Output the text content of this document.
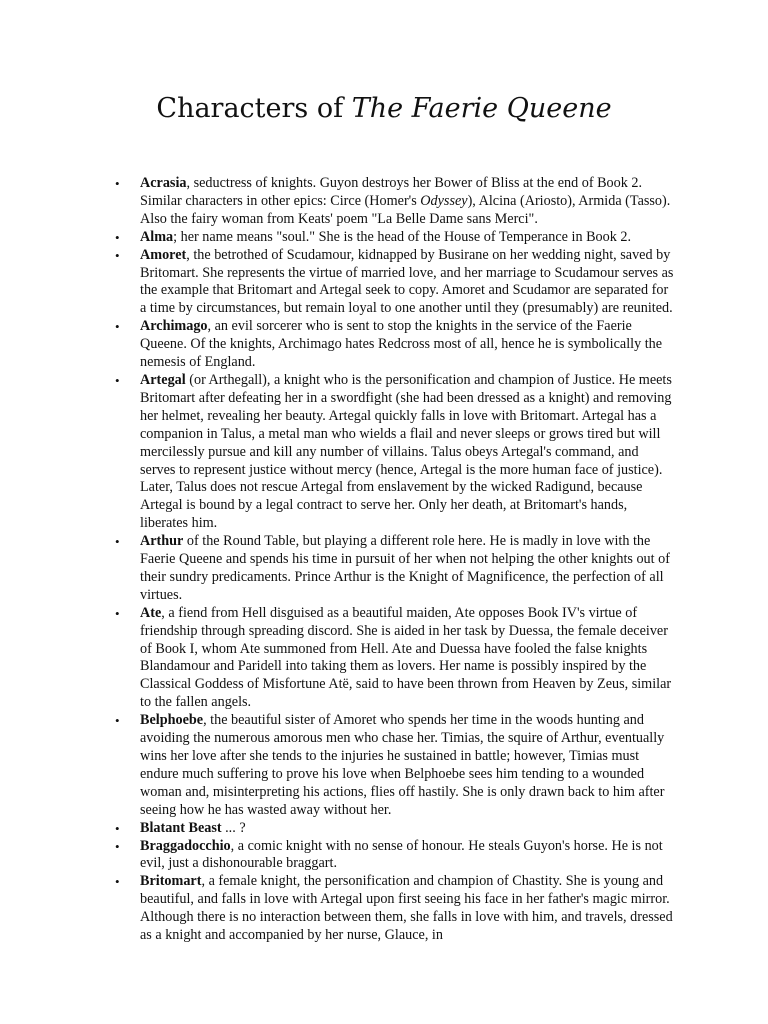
Characters of The Faerie Queene
• Acrasia, seductress of knights. Guyon destroys her Bower of Bliss at the end of Book 2. Similar characters in other epics: Circe (Homer's Odyssey), Alcina (Ariosto), Armida (Tasso). Also the fairy woman from Keats' poem "La Belle Dame sans Merci".
• Alma; her name means "soul." She is the head of the House of Temperance in Book 2.
• Amoret, the betrothed of Scudamour, kidnapped by Busirane on her wedding night, saved by Britomart. She represents the virtue of married love, and her marriage to Scudamour serves as the example that Britomart and Artegal seek to copy. Amoret and Scudamor are separated for a time by circumstances, but remain loyal to one another until they (presumably) are reunited.
• Archimago, an evil sorcerer who is sent to stop the knights in the service of the Faerie Queene. Of the knights, Archimago hates Redcross most of all, hence he is symbolically the nemesis of England.
• Artegal (or Arthegall), a knight who is the personification and champion of Justice. He meets Britomart after defeating her in a swordfight (she had been dressed as a knight) and removing her helmet, revealing her beauty. Artegal quickly falls in love with Britomart. Artegal has a companion in Talus, a metal man who wields a flail and never sleeps or grows tired but will mercilessly pursue and kill any number of villains. Talus obeys Artegal's command, and serves to represent justice without mercy (hence, Artegal is the more human face of justice). Later, Talus does not rescue Artegal from enslavement by the wicked Radigund, because Artegal is bound by a legal contract to serve her. Only her death, at Britomart's hands, liberates him.
• Arthur of the Round Table, but playing a different role here. He is madly in love with the Faerie Queene and spends his time in pursuit of her when not helping the other knights out of their sundry predicaments. Prince Arthur is the Knight of Magnificence, the perfection of all virtues.
• Ate, a fiend from Hell disguised as a beautiful maiden, Ate opposes Book IV's virtue of friendship through spreading discord. She is aided in her task by Duessa, the female deceiver of Book I, whom Ate summoned from Hell. Ate and Duessa have fooled the false knights Blandamour and Paridell into taking them as lovers. Her name is possibly inspired by the Classical Goddess of Misfortune Atë, said to have been thrown from Heaven by Zeus, similar to the fallen angels.
• Belphoebe, the beautiful sister of Amoret who spends her time in the woods hunting and avoiding the numerous amorous men who chase her. Timias, the squire of Arthur, eventually wins her love after she tends to the injuries he sustained in battle; however, Timias must endure much suffering to prove his love when Belphoebe sees him tending to a wounded woman and, misinterpreting his actions, flies off hastily. She is only drawn back to him after seeing how he has wasted away without her.
• Blatant Beast ... ?
• Braggadocchio, a comic knight with no sense of honour. He steals Guyon's horse. He is not evil, just a dishonourable braggart.
• Britomart, a female knight, the personification and champion of Chastity. She is young and beautiful, and falls in love with Artegal upon first seeing his face in her father's magic mirror. Although there is no interaction between them, she falls in love with him, and travels, dressed as a knight and accompanied by her nurse, Glauce, in
